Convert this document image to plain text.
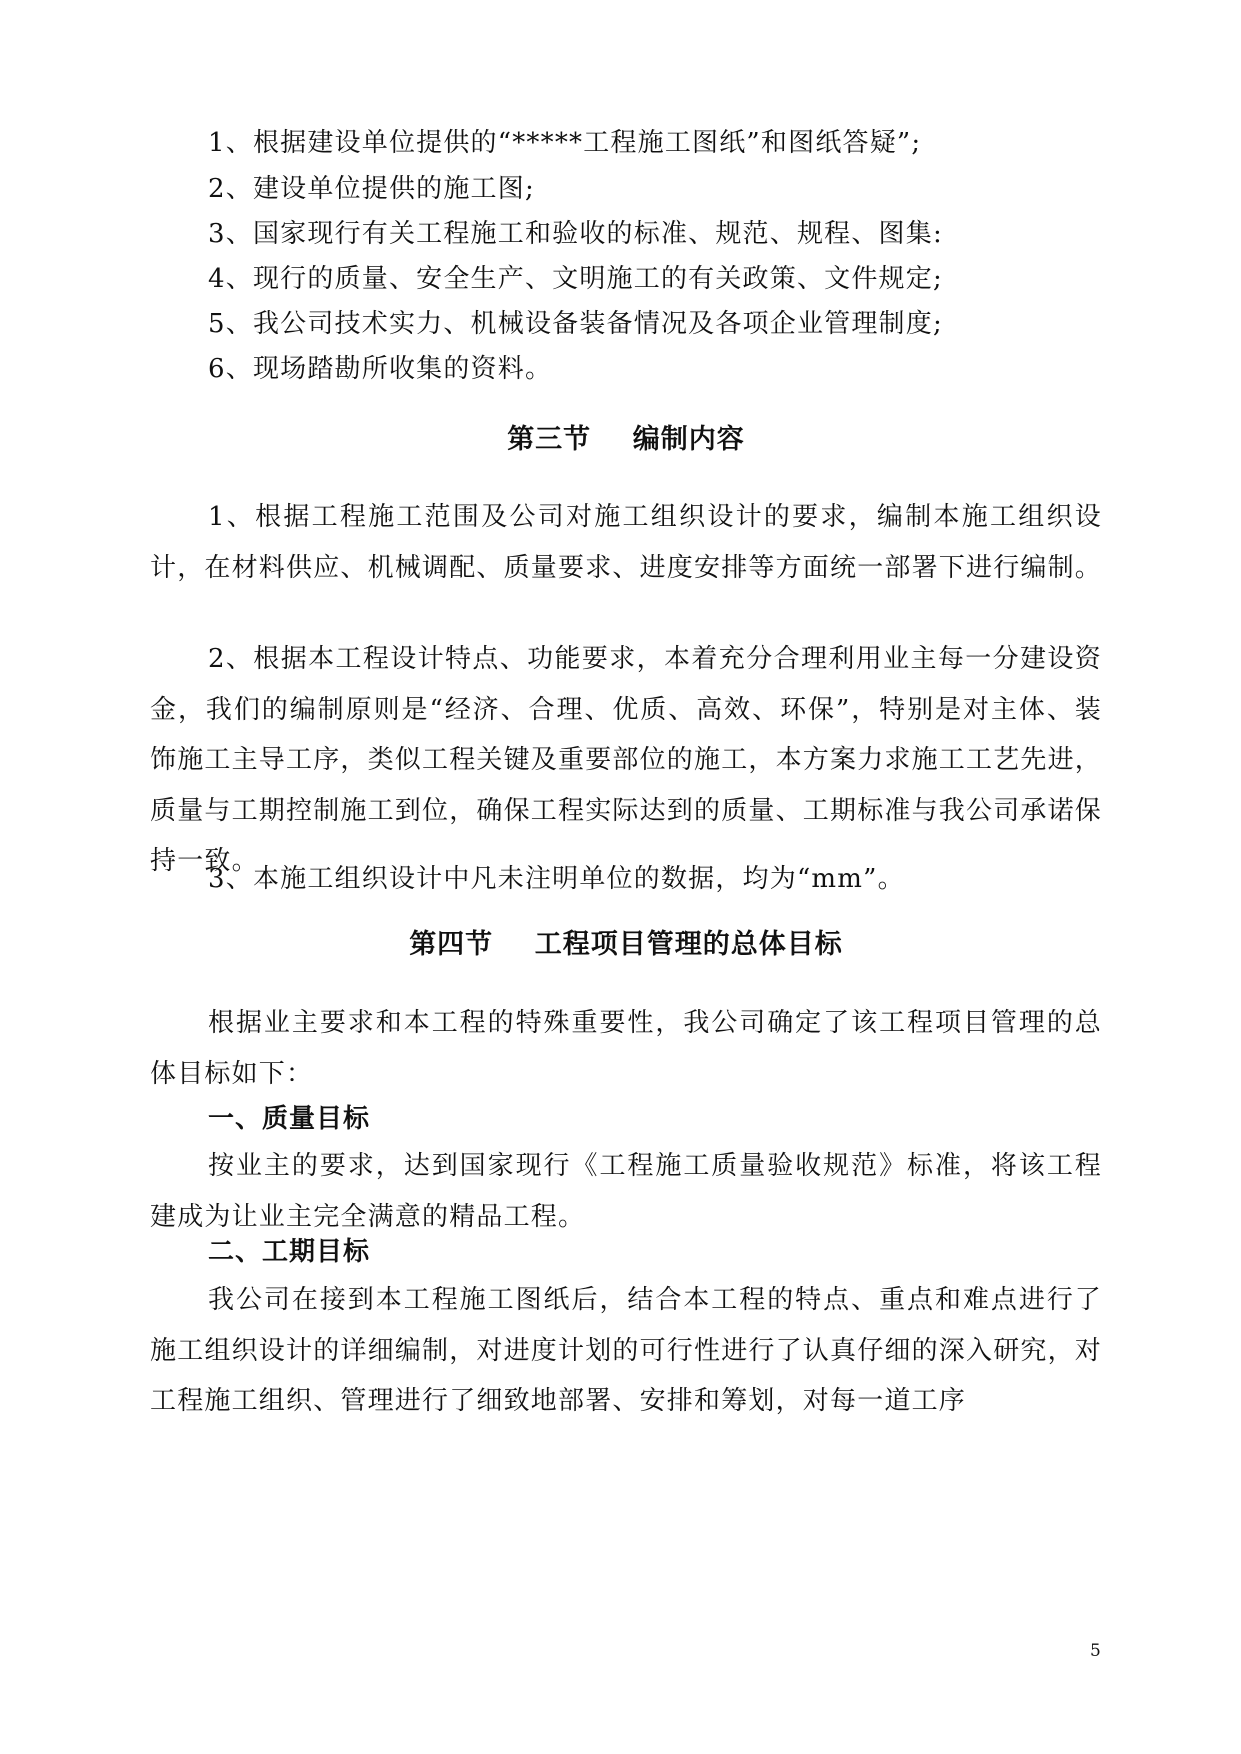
1、根据建设单位提供的“*****工程施工图纸”和图纸答疑”;

2、建设单位提供的施工图;

3、国家现行有关工程施工和验收的标准、规范、规程、图集:

4、现行的质量、安全生产、文明施工的有关政策、文件规定;

5、我公司技术实力、机械设备装备情况及各项企业管理制度;

6、现场踏勘所收集的资料。

第三节    编制内容

1、根据工程施工范围及公司对施工组织设计的要求，编制本施工组织设计，在材料供应、机械调配、质量要求、进度安排等方面统一部署下进行编制。

2、根据本工程设计特点、功能要求，本着充分合理利用业主每一分建设资金，我们的编制原则是“经济、合理、优质、高效、环保”，特别是对主体、装饰施工主导工序，类似工程关键及重要部位的施工，本方案力求施工工艺先进，质量与工期控制施工到位，确保工程实际达到的质量、工期标准与我公司承诺保持一致。

3、本施工组织设计中凡未注明单位的数据，均为“mm”。

第四节    工程项目管理的总体目标

根据业主要求和本工程的特殊重要性，我公司确定了该工程项目管理的总体目标如下：

一、质量目标

按业主的要求，达到国家现行《工程施工质量验收规范》标准，将该工程建成为让业主完全满意的精品工程。

二、工期目标

我公司在接到本工程施工图纸后，结合本工程的特点、重点和难点进行了施工组织设计的详细编制，对进度计划的可行性进行了认真仔细的深入研究，对工程施工组织、管理进行了细致地部署、安排和筹划，对每一道工序

5
